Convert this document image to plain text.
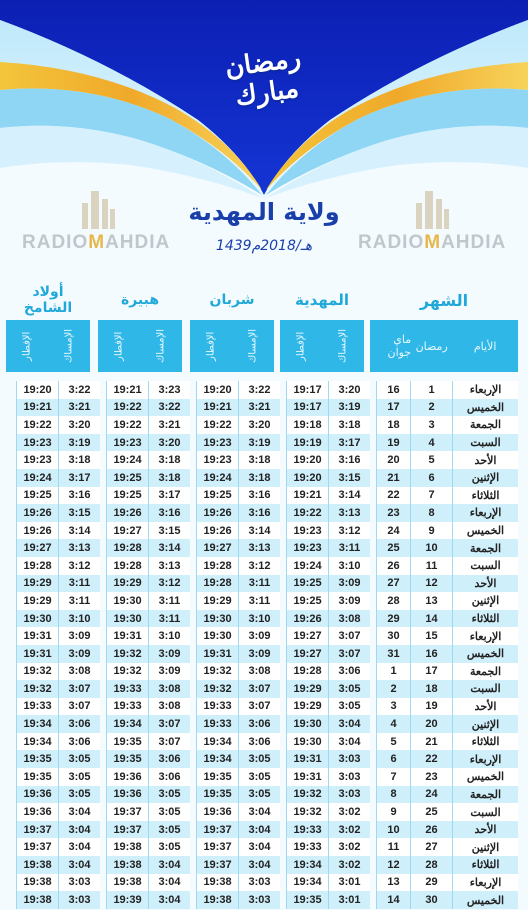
رمضان مبارك
RADIOMAHDIA	RADIOMAHDIA
ولاية المهدية
1439هـ/2018م
الشهر
المهدية
شربان
هبيرة
أولاد الشامخ
الأيام
رمضان
ماي جوان
الإمساك
الإفطار
الإمساك
الإفطار
الإمساك
الإفطار
الإمساك
الإفطار
الإربعاء
1
16
3:20
19:17
3:22
19:20
3:23
19:21
3:22
19:20
الخميس
2
17
3:19
19:17
3:21
19:21
3:22
19:22
3:21
19:21
الجمعة
3
18
3:18
19:18
3:20
19:22
3:21
19:22
3:20
19:22
السبت
4
19
3:17
19:19
3:19
19:23
3:20
19:23
3:19
19:23
الأحد
5
20
3:16
19:20
3:18
19:23
3:18
19:24
3:18
19:23
الإثنين
6
21
3:15
19:20
3:18
19:24
3:18
19:25
3:17
19:24
الثلاثاء
7
22
3:14
19:21
3:16
19:25
3:17
19:25
3:16
19:25
الإربعاء
8
23
3:13
19:22
3:16
19:26
3:16
19:26
3:15
19:26
الخميس
9
24
3:12
19:23
3:14
19:26
3:15
19:27
3:14
19:26
الجمعة
10
25
3:11
19:23
3:13
19:27
3:14
19:28
3:13
19:27
السبت
11
26
3:10
19:24
3:12
19:28
3:13
19:28
3:12
19:28
الأحد
12
27
3:09
19:25
3:11
19:28
3:12
19:29
3:11
19:29
الإثنين
13
28
3:09
19:25
3:11
19:29
3:11
19:30
3:11
19:29
الثلاثاء
14
29
3:08
19:26
3:10
19:30
3:11
19:30
3:10
19:30
الإربعاء
15
30
3:07
19:27
3:09
19:30
3:10
19:31
3:09
19:31
الخميس
16
31
3:07
19:27
3:09
19:31
3:09
19:32
3:09
19:31
الجمعة
17
1
3:06
19:28
3:08
19:32
3:09
19:32
3:08
19:32
السبت
18
2
3:05
19:29
3:07
19:32
3:08
19:33
3:07
19:32
الأحد
19
3
3:05
19:29
3:07
19:33
3:08
19:33
3:07
19:33
الإثنين
20
4
3:04
19:30
3:06
19:33
3:07
19:34
3:06
19:34
الثلاثاء
21
5
3:04
19:30
3:06
19:34
3:07
19:35
3:06
19:34
الإربعاء
22
6
3:03
19:31
3:05
19:34
3:06
19:35
3:05
19:35
الخميس
23
7
3:03
19:31
3:05
19:35
3:06
19:36
3:05
19:35
الجمعة
24
8
3:03
19:32
3:05
19:35
3:05
19:36
3:05
19:36
السبت
25
9
3:02
19:32
3:04
19:36
3:05
19:37
3:04
19:36
الأحد
26
10
3:02
19:33
3:04
19:37
3:05
19:37
3:04
19:37
الإثنين
27
11
3:02
19:33
3:04
19:37
3:05
19:38
3:04
19:37
الثلاثاء
28
12
3:02
19:34
3:04
19:37
3:04
19:38
3:04
19:38
الإربعاء
29
13
3:01
19:34
3:03
19:38
3:04
19:38
3:03
19:38
الخميس
30
14
3:01
19:35
3:03
19:38
3:04
19:39
3:03
19:38
